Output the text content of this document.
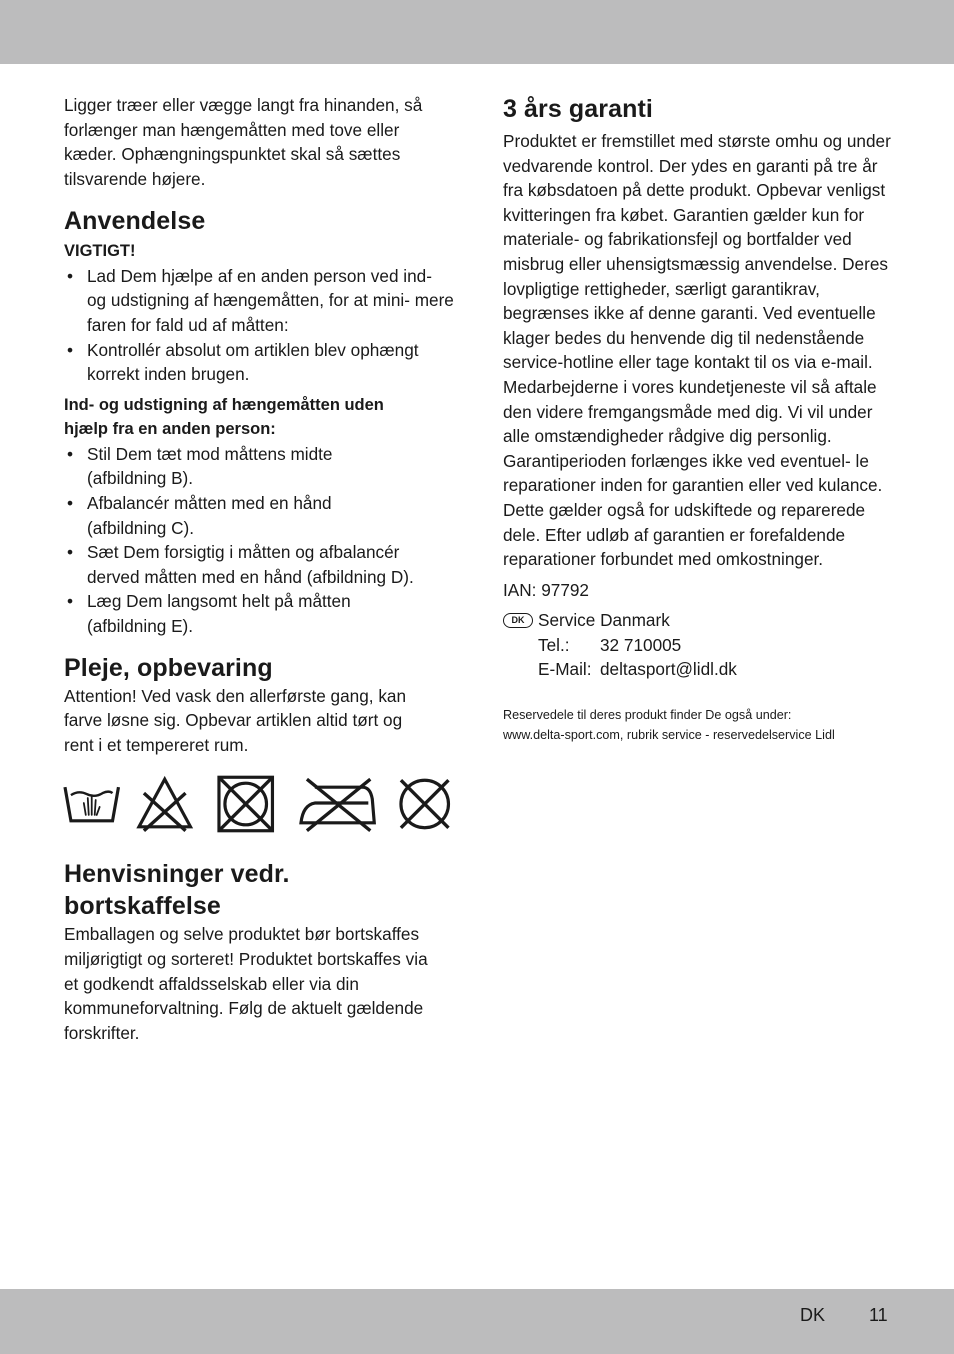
Ligger træer eller vægge langt fra hinanden, så forlænger man hængemåtten med tove eller kæder. Ophængningspunktet skal så sættes tilsvarende højere.

Anvendelse
VIGTIGT!
• Lad Dem hjælpe af en anden person ved ind- og udstigning af hængemåtten, for at mini- mere faren for fald ud af måtten:
• Kontrollér absolut om artiklen blev ophængt korrekt inden brugen.
Ind- og udstigning af hængemåtten uden hjælp fra en anden person:
• Stil Dem tæt mod måttens midte (afbildning B).
• Afbalancér måtten med en hånd (afbildning C).
• Sæt Dem forsigtig i måtten og afbalancér derved måtten med en hånd (afbildning D).
• Læg Dem langsomt helt på måtten (afbildning E).
Pleje, opbevaring

Attention! Ved vask den allerførste gang, kan farve løsne sig. Opbevar artiklen altid tørt og rent i et tempereret rum.

Henvisninger vedr.
bortskaffelse

Emballagen og selve produktet bør bortskaffes miljørigtigt og sorteret! Produktet bortskaffes via et godkendt affaldsselskab eller via din kommuneforvaltning. Følg de aktuelt gældende forskrifter.

3 års garanti

Produktet er fremstillet med største omhu og under vedvarende kontrol. Der ydes en garanti på tre år fra købsdatoen på dette produkt. Opbevar venligst kvitteringen fra købet. Garantien gælder kun for materiale- og fabrikationsfejl og bortfalder ved misbrug eller uhensigtsmæssig anvendelse. Deres lovpligtige rettigheder, særligt garantikrav, begrænses ikke af denne garanti. Ved eventuelle klager bedes du henvende dig til nedenstående service-hotline eller tage kontakt til os via e-mail. Medarbejderne i vores kundetjeneste vil så aftale den videre fremgangsmåde med dig. Vi vil under alle omstændigheder rådgive dig personlig. Garantiperioden forlænges ikke ved eventuel- le reparationer inden for garantien eller ved kulance. Dette gælder også for udskiftede og reparerede dele. Efter udløb af garantien er forefaldende reparationer forbundet med omkostninger.

IAN: 97792

DK Service Danmark
Tel.:	32 710005
E-Mail: deltasport@lidl.dk
Reservedele til deres produkt finder De også under:
www.delta-sport.com, rubrik service - reservedelservice Lidl
DK 11
